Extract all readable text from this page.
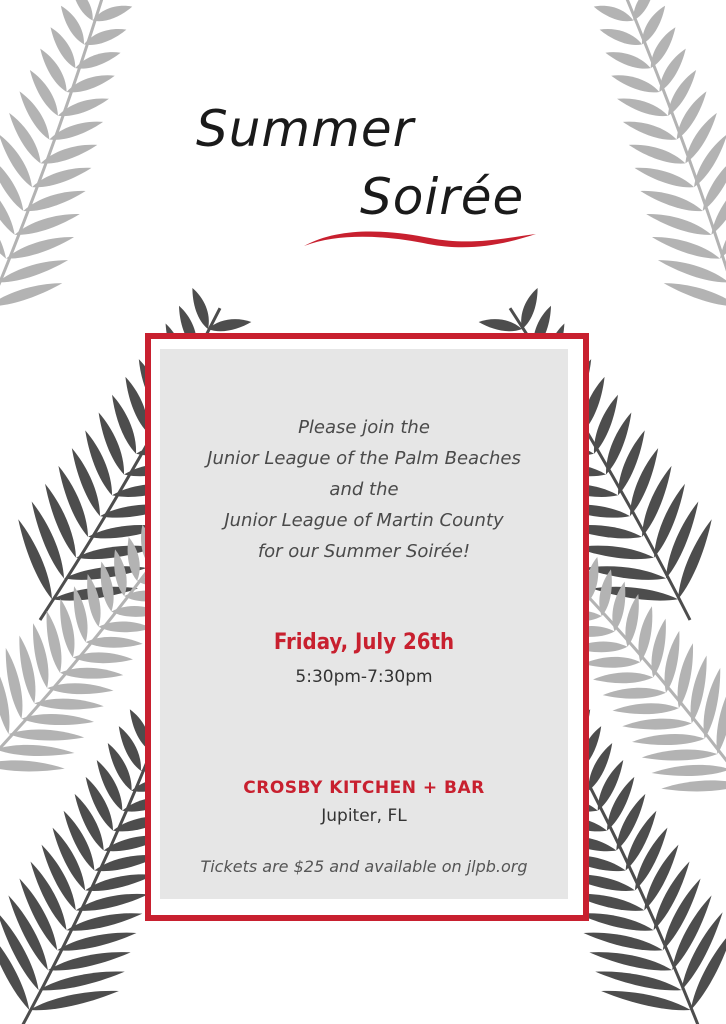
Summer
Soirée
Please join the
Junior League of the Palm Beaches
and the
Junior League of Martin County
for our Summer Soirée!
Friday, July 26th
5:30pm-7:30pm
CROSBY KITCHEN + BAR
Jupiter, FL
Tickets are $25 and available on jlpb.org
